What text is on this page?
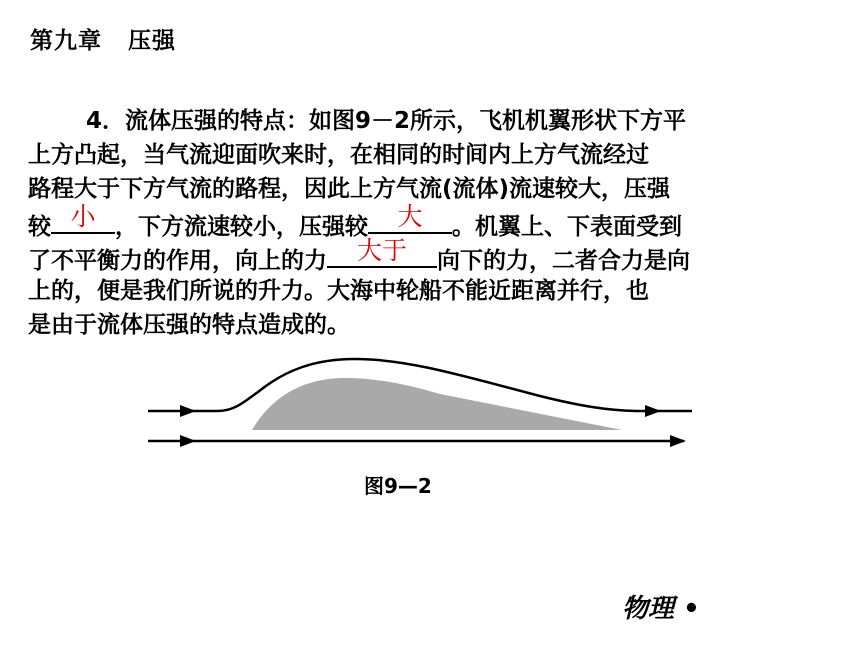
第九章 压强
4．流体压强的特点：如图9－2所示，飞机机翼形状下方平
上方凸起，当气流迎面吹来时，在相同的时间内上方气流经过
路程大于下方气流的路程，因此上方气流(流体)流速较大，压强
较 小 ，下方流速较小，压强较	大	。机翼上、下表面受到
了不平衡力的作用，向上的力	大于	向下的力，二者合力是向
上的，便是我们所说的升力。大海中轮船不能近距离并行，也
是由于流体压强的特点造成的。
图9—2
物理 •
